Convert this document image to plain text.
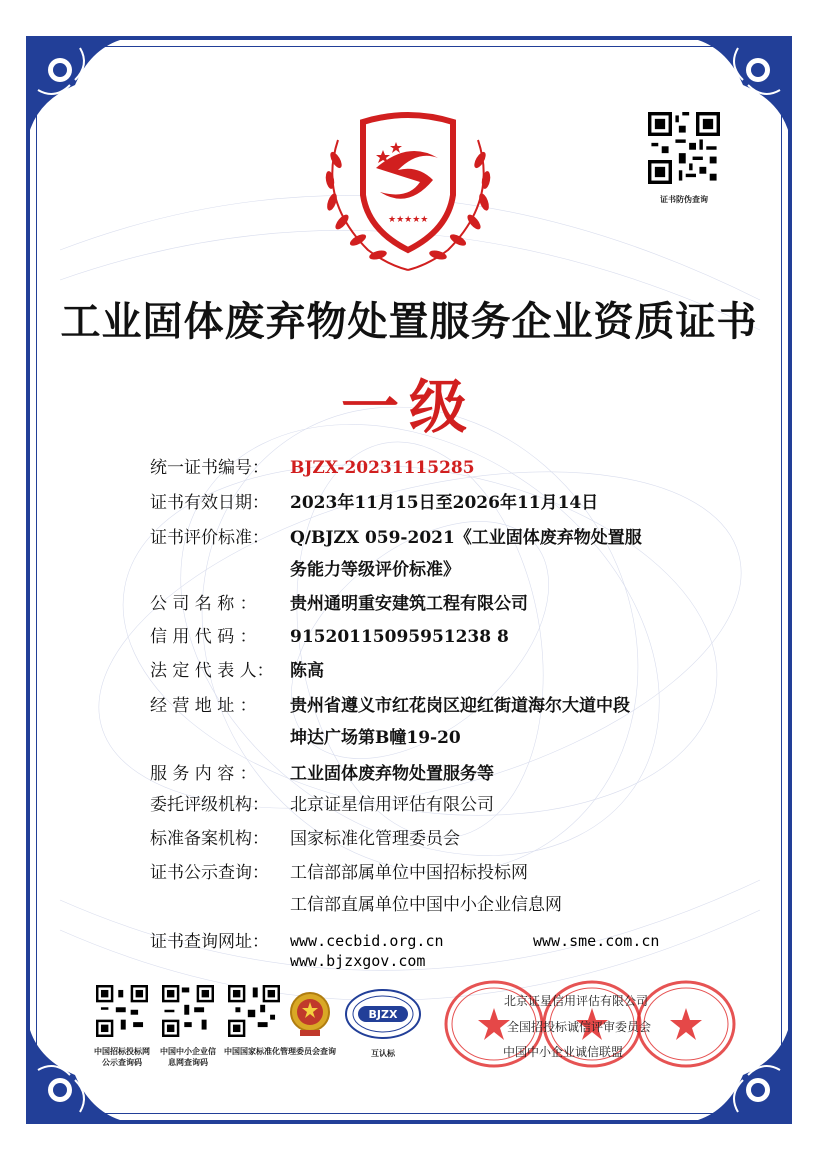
证书防伪查询
★★★★★
工业固体废弃物处置服务企业资质证书
一级
统一证书编号：	BJZX-20231115285
证书有效日期：	2023年11月15日至2026年11月14日
证书评价标准：	Q/BJZX 059-2021《工业固体废弃物处置服
务能力等级评价标准》
公 司 名 称 ：	贵州通明重安建筑工程有限公司
信 用 代 码 ：	91520115095951238 8
法 定 代 表 人： 陈高
经 营 地 址 ：	贵州省遵义市红花岗区迎红街道海尔大道中段
坤达广场第B幢19-20
服 务 内 容 ：	工业固体废弃物处置服务等
委托评级机构：	北京证星信用评估有限公司
标准备案机构：	国家标准化管理委员会
证书公示查询：	工信部部属单位中国招标投标网
工信部直属单位中国中小企业信息网
证书查询网址：	www.cecbid.org.cn	www.sme.com.cn
www.bjzxgov.com
中国招标投标网
公示查询码
中国中小企业信
息网查询码
中国国家标准化管理委员会查询
BJZX
互认标
北京证星信用评估有限公司
全国招投标诚信评审委员会
中国中小企业诚信联盟
